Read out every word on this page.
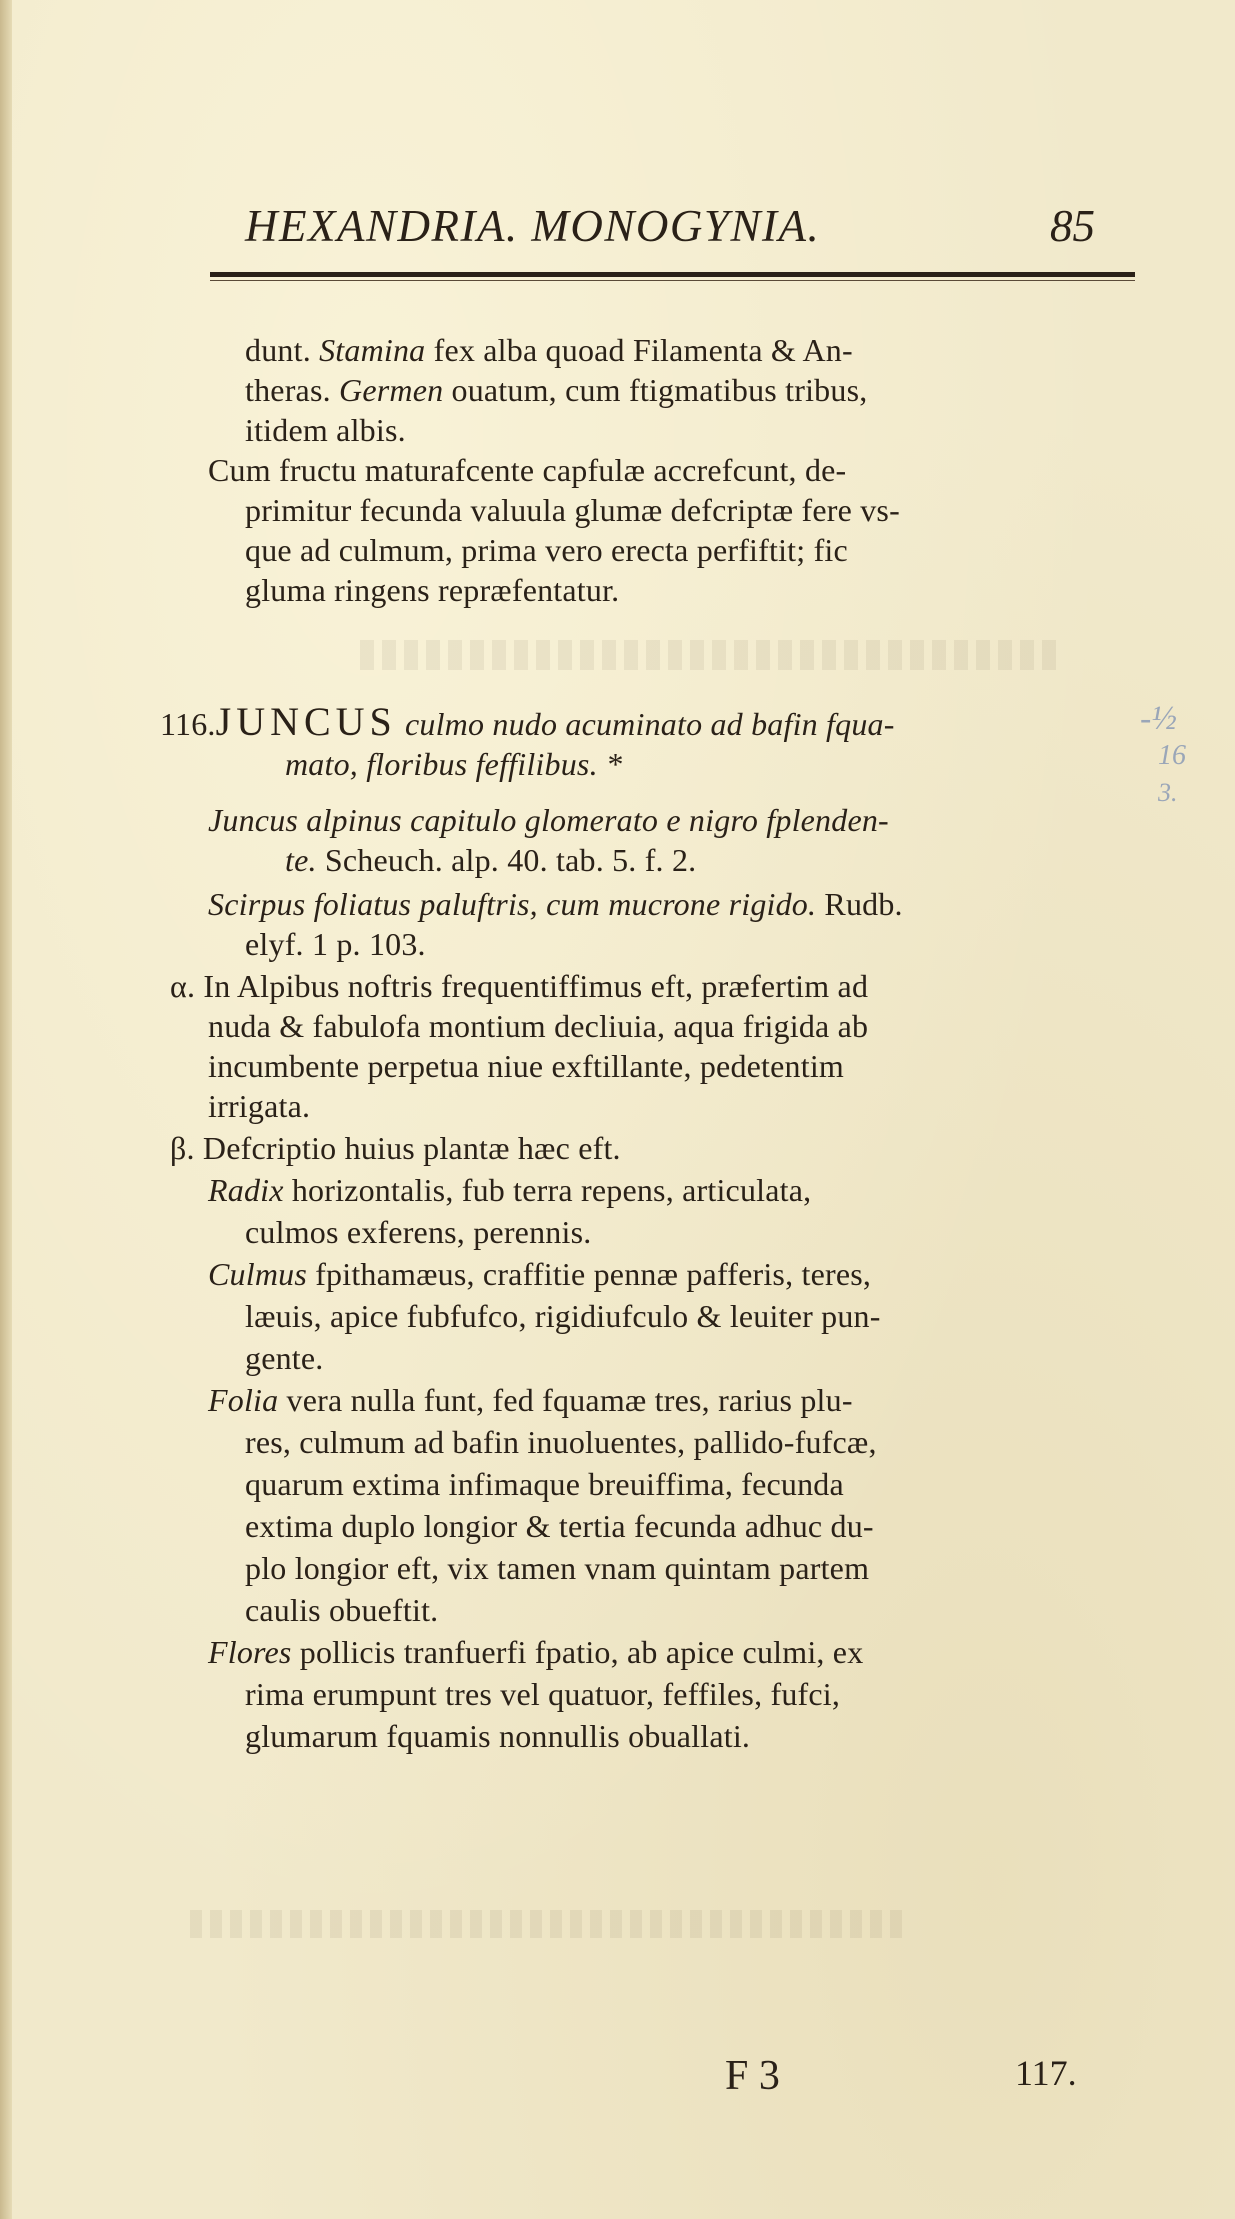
HEXANDRIA. MONOGYNIA.	85
dunt. Stamina fex alba quoad Filamenta & An-
theras. Germen ouatum, cum ftigmatibus tribus,
itidem albis.
Cum fructu maturafcente capfulæ accrefcunt, de-
primitur fecunda valuula glumæ defcriptæ fere vs-
que ad culmum, prima vero erecta perfiftit; fic
gluma ringens repræfentatur.
116.JUNCUS culmo nudo acuminato ad bafin fqua-
mato, floribus feffilibus. *
Juncus alpinus capitulo glomerato e nigro fplenden-
te. Scheuch. alp. 40. tab. 5. f. 2.
Scirpus foliatus paluftris, cum mucrone rigido. Rudb.
elyf. 1 p. 103.
α. In Alpibus noftris frequentiffimus eft, præfertim ad
nuda & fabulofa montium decliuia, aqua frigida ab
incumbente perpetua niue exftillante, pedetentim
irrigata.
β. Defcriptio huius plantæ hæc eft.
Radix horizontalis, fub terra repens, articulata,
culmos exferens, perennis.
Culmus fpithamæus, craffitie pennæ pafferis, teres,
læuis, apice fubfufco, rigidiufculo & leuiter pun-
gente.
Folia vera nulla funt, fed fquamæ tres, rarius plu-
res, culmum ad bafin inuoluentes, pallido-fufcæ,
quarum extima infimaque breuiffima, fecunda
extima duplo longior & tertia fecunda adhuc du-
plo longior eft, vix tamen vnam quintam partem
caulis obueftit.
Flores pollicis tranfuerfi fpatio, ab apice culmi, ex
rima erumpunt tres vel quatuor, feffiles, fufci,
glumarum fquamis nonnullis obuallati.
-½
16
3.
F 3	117.
